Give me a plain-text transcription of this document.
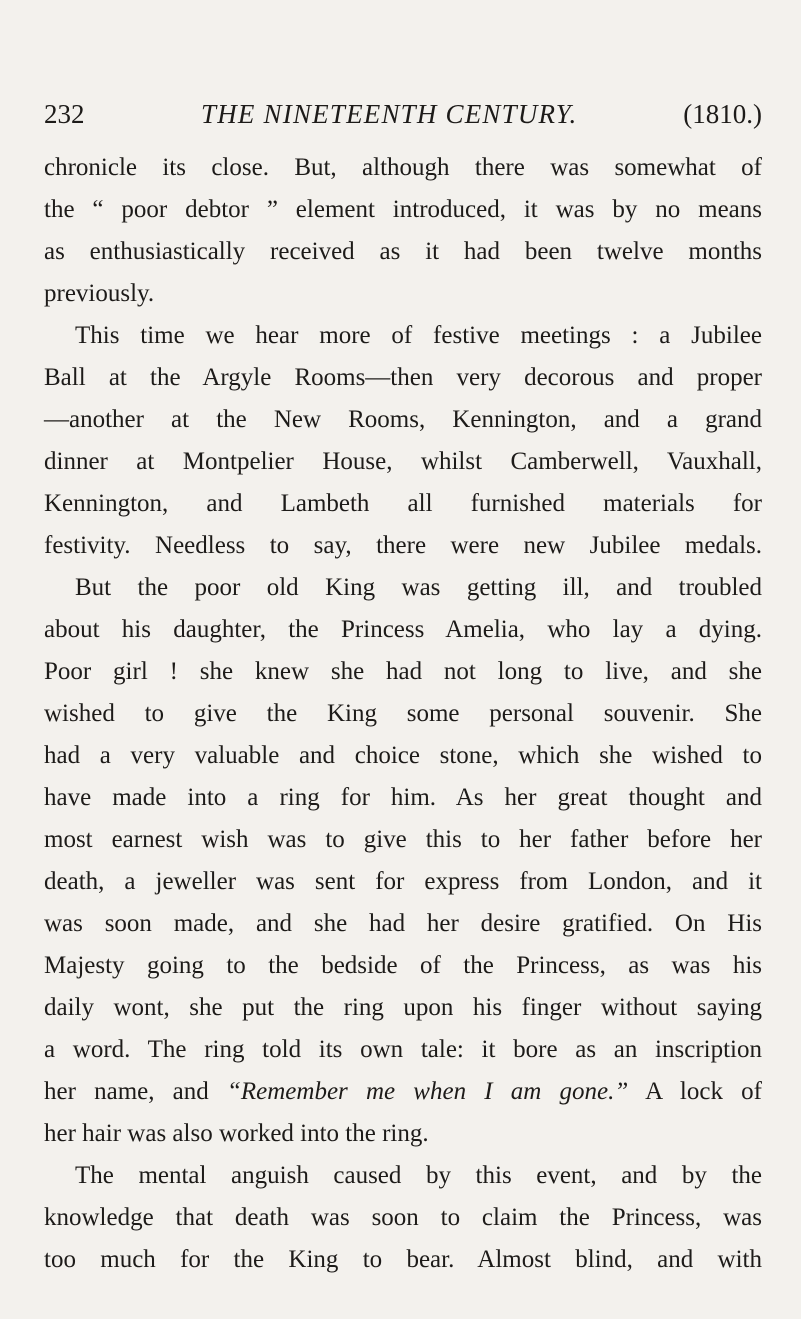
232	THE NINETEENTH CENTURY.	(1810.)
chronicle its close. But, although there was somewhat of
the “ poor debtor ” element introduced, it was by no means
as enthusiastically received as it had been twelve months
previously.
This time we hear more of festive meetings : a Jubilee
Ball at the Argyle Rooms—then very decorous and proper
—another at the New Rooms, Kennington, and a grand
dinner at Montpelier House, whilst Camberwell, Vauxhall,
Kennington, and Lambeth all furnished materials for
festivity. Needless to say, there were new Jubilee medals.
But the poor old King was getting ill, and troubled
about his daughter, the Princess Amelia, who lay a dying.
Poor girl ! she knew she had not long to live, and she
wished to give the King some personal souvenir. She
had a very valuable and choice stone, which she wished to
have made into a ring for him. As her great thought and
most earnest wish was to give this to her father before her
death, a jeweller was sent for express from London, and it
was soon made, and she had her desire gratified. On His
Majesty going to the bedside of the Princess, as was his
daily wont, she put the ring upon his finger without saying
a word. The ring told its own tale: it bore as an inscription
her name, and “Remember me when I am gone.” A lock of
her hair was also worked into the ring.
The mental anguish caused by this event, and by the
knowledge that death was soon to claim the Princess, was
too much for the King to bear. Almost blind, and with
